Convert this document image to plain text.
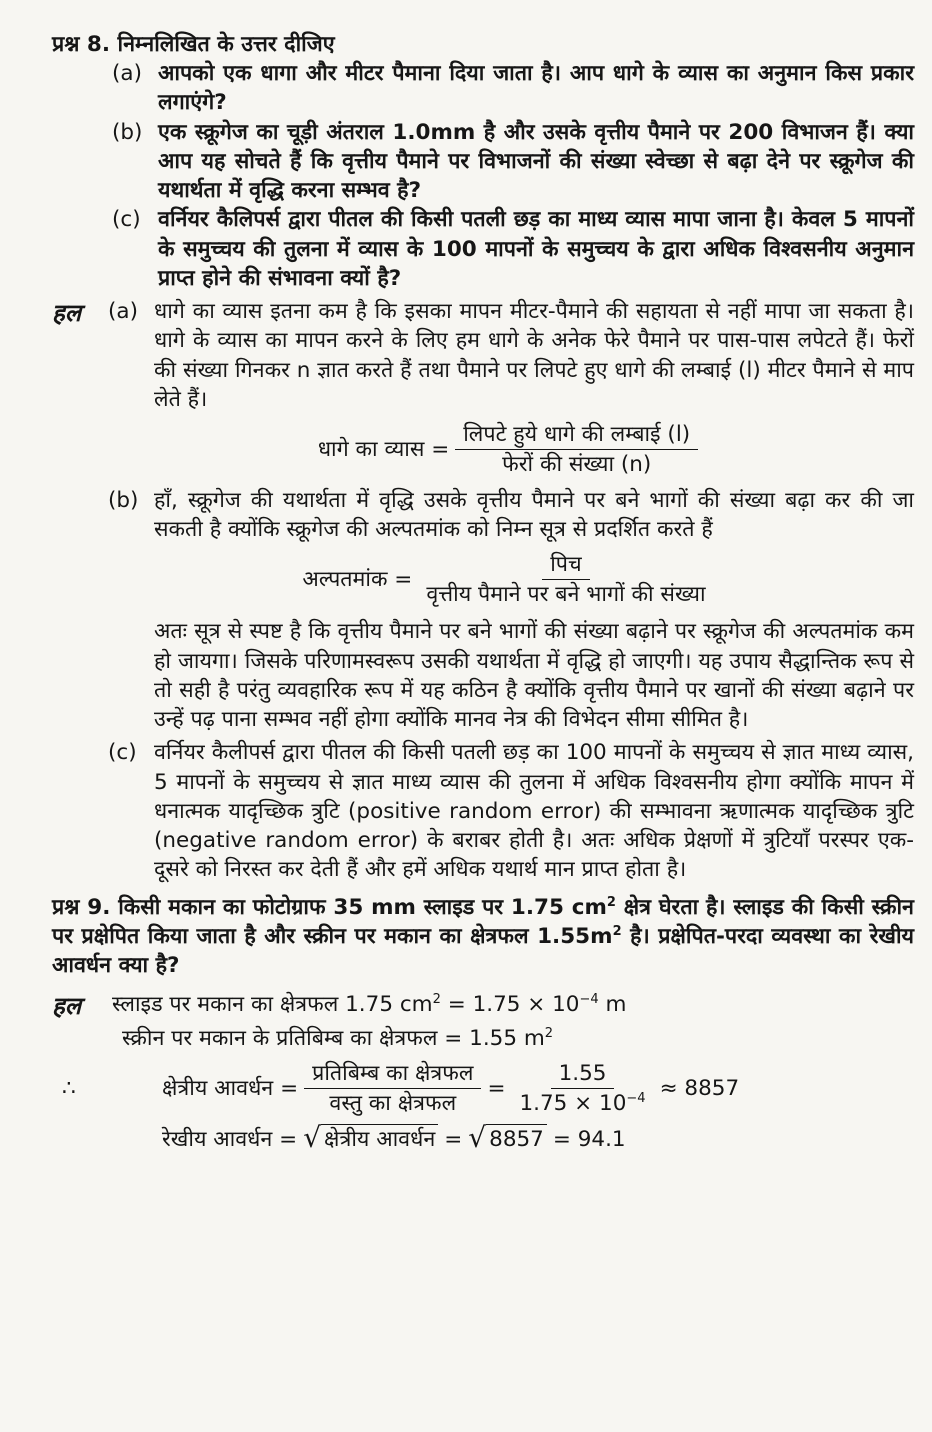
प्रश्न 8. निम्नलिखित के उत्तर दीजिए
(a) आपको एक धागा और मीटर पैमाना दिया जाता है। आप धागे के व्यास का अनुमान किस प्रकार लगाएंगे?
(b) एक स्क्रूगेज का चूड़ी अंतराल 1.0mm है और उसके वृत्तीय पैमाने पर 200 विभाजन हैं। क्या आप यह सोचते हैं कि वृत्तीय पैमाने पर विभाजनों की संख्या स्वेच्छा से बढ़ा देने पर स्क्रूगेज की यथार्थता में वृद्धि करना सम्भव है?
(c) वर्नियर कैलिपर्स द्वारा पीतल की किसी पतली छड़ का माध्य व्यास मापा जाना है। केवल 5 मापनों के समुच्चय की तुलना में व्यास के 100 मापनों के समुच्चय के द्वारा अधिक विश्वसनीय अनुमान प्राप्त होने की संभावना क्यों है?
हल (a) धागे का व्यास इतना कम है कि इसका मापन मीटर-पैमाने की सहायता से नहीं मापा जा सकता है। धागे के व्यास का मापन करने के लिए हम धागे के अनेक फेरे पैमाने पर पास-पास लपेटते हैं। फेरों की संख्या गिनकर n ज्ञात करते हैं तथा पैमाने पर लिपटे हुए धागे की लम्बाई (l) मीटर पैमाने से माप लेते हैं।
धागे का व्यास = $\frac{\text{लिपटे हुये धागे की लम्बाई (l)}}{\text{फेरों की संख्या (n)}}$
(b) हाँ, स्क्रूगेज की यथार्थता में वृद्धि उसके वृत्तीय पैमाने पर बने भागों की संख्या बढ़ा कर की जा सकती है क्योंकि स्क्रूगेज की अल्पतमांक को निम्न सूत्र से प्रदर्शित करते हैं
अल्पतमांक = $\frac{\text{पिच}}{\text{वृत्तीय पैमाने पर बने भागों की संख्या}}$
अतः सूत्र से स्पष्ट है कि वृत्तीय पैमाने पर बने भागों की संख्या बढ़ाने पर स्क्रूगेज की अल्पतमांक कम हो जायगा। जिसके परिणामस्वरूप उसकी यथार्थता में वृद्धि हो जाएगी। यह उपाय सैद्धान्तिक रूप से तो सही है परंतु व्यवहारिक रूप में यह कठिन है क्योंकि वृत्तीय पैमाने पर खानों की संख्या बढ़ाने पर उन्हें पढ़ पाना सम्भव नहीं होगा क्योंकि मानव नेत्र की विभेदन सीमा सीमित है।
(c) वर्नियर कैलीपर्स द्वारा पीतल की किसी पतली छड़ का 100 मापनों के समुच्चय से ज्ञात माध्य व्यास, 5 मापनों के समुच्चय से ज्ञात माध्य व्यास की तुलना में अधिक विश्वसनीय होगा क्योंकि मापन में धनात्मक यादृच्छिक त्रुटि (positive random error) की सम्भावना ऋणात्मक यादृच्छिक त्रुटि (negative random error) के बराबर होती है। अतः अधिक प्रेक्षणों में त्रुटियाँ परस्पर एक-दूसरे को निरस्त कर देती हैं और हमें अधिक यथार्थ मान प्राप्त होता है।
प्रश्न 9. किसी मकान का फोटोग्राफ 35 mm स्लाइड पर 1.75 $cm^2$ क्षेत्र घेरता है। स्लाइड की किसी स्क्रीन पर प्रक्षेपित किया जाता है और स्क्रीन पर मकान का क्षेत्रफल $1.55m^2$ है। प्रक्षेपित-परदा व्यवस्था का रेखीय आवर्धन क्या है?
हल स्लाइड पर मकान का क्षेत्रफल 1.75 $cm^2 = 1.75 \times 10^{-4}$ m
स्क्रीन पर मकान के प्रतिबिम्ब का क्षेत्रफल = 1.55 $m^2$
∴	क्षेत्रीय आवर्धन = $\frac{\text{प्रतिबिम्ब का क्षेत्रफल}}{\text{वस्तु का क्षेत्रफल}} = \frac{1.55}{1.75 \times 10^{-4}} \approx 8857$
रेखीय आवर्धन = √ क्षेत्रीय आवर्धन = √ 8857 = 94.1
